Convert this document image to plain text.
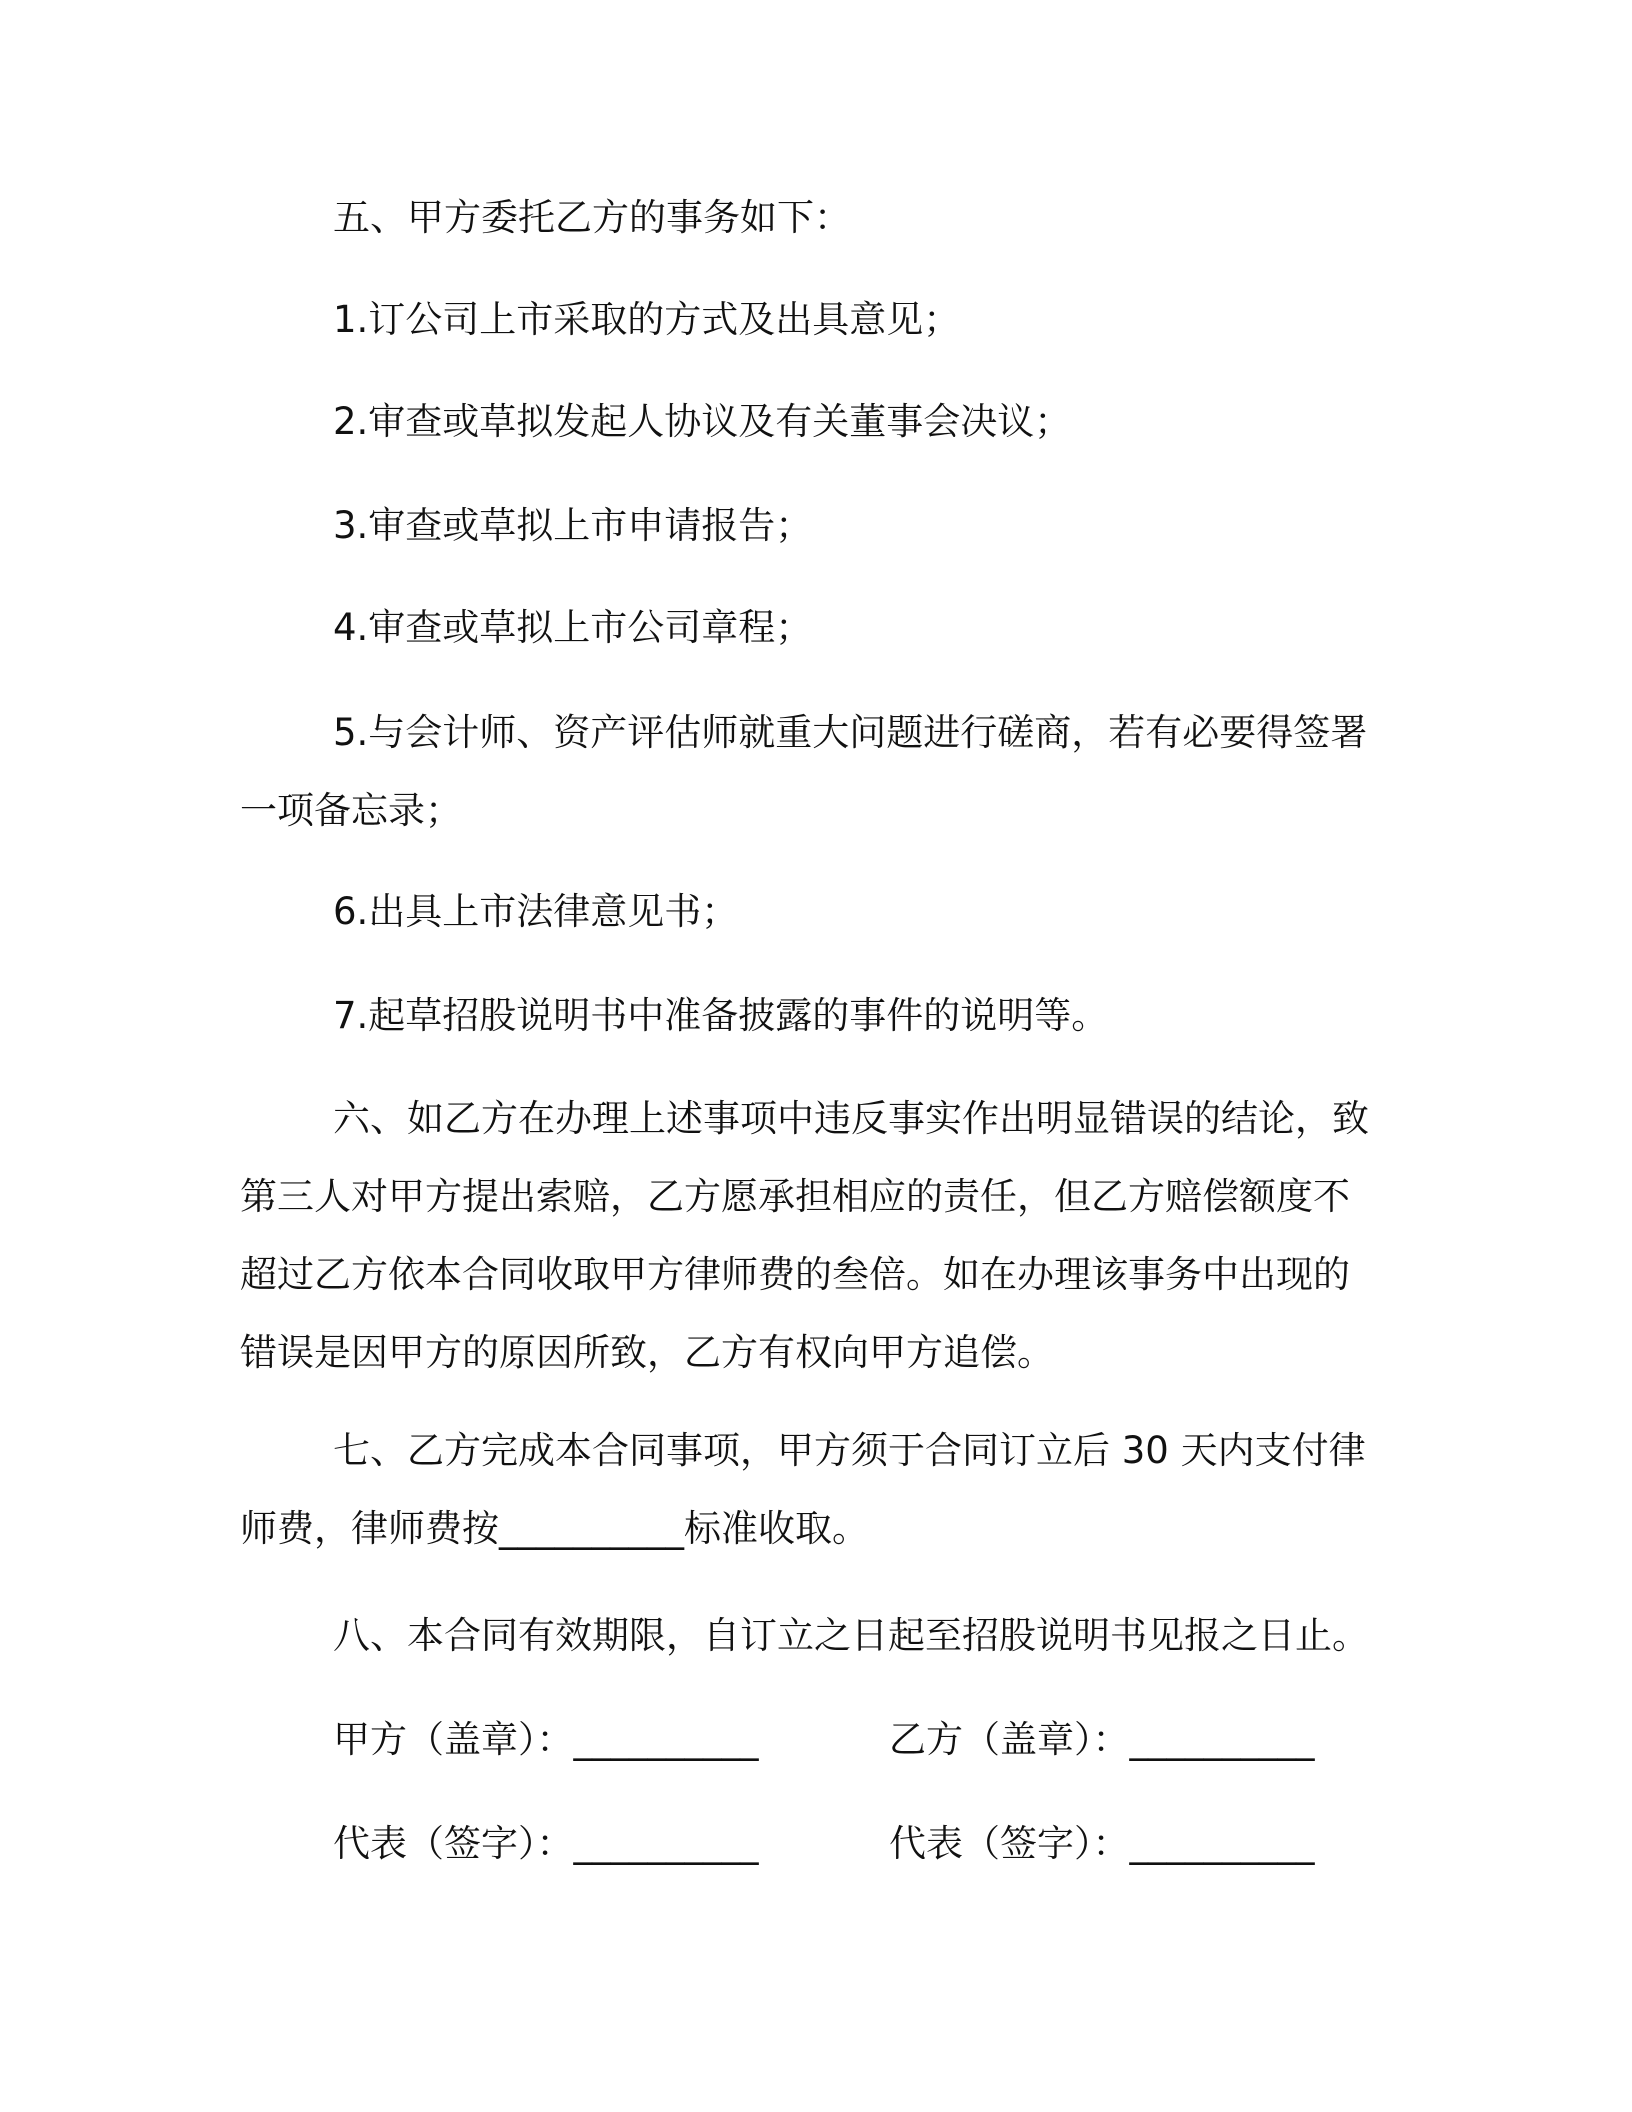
五、甲方委托乙方的事务如下：

1.订公司上市采取的方式及出具意见；

2.审查或草拟发起人协议及有关董事会决议；

3.审查或草拟上市申请报告；

4.审查或草拟上市公司章程；

5.与会计师、资产评估师就重大问题进行磋商，若有必要得签署一项备忘录；

6.出具上市法律意见书；

7.起草招股说明书中准备披露的事件的说明等。

六、如乙方在办理上述事项中违反事实作出明显错误的结论，致第三人对甲方提出索赔，乙方愿承担相应的责任，但乙方赔偿额度不超过乙方依本合同收取甲方律师费的叁倍。如在办理该事务中出现的错误是因甲方的原因所致，乙方有权向甲方追偿。

七、乙方完成本合同事项，甲方须于合同订立后 30 天内支付律师费，律师费按__________标准收取。

八、本合同有效期限，自订立之日起至招股说明书见报之日止。

甲方（盖章）：__________	乙方（盖章）：__________
代表（签字）：__________	代表（签字）：__________
